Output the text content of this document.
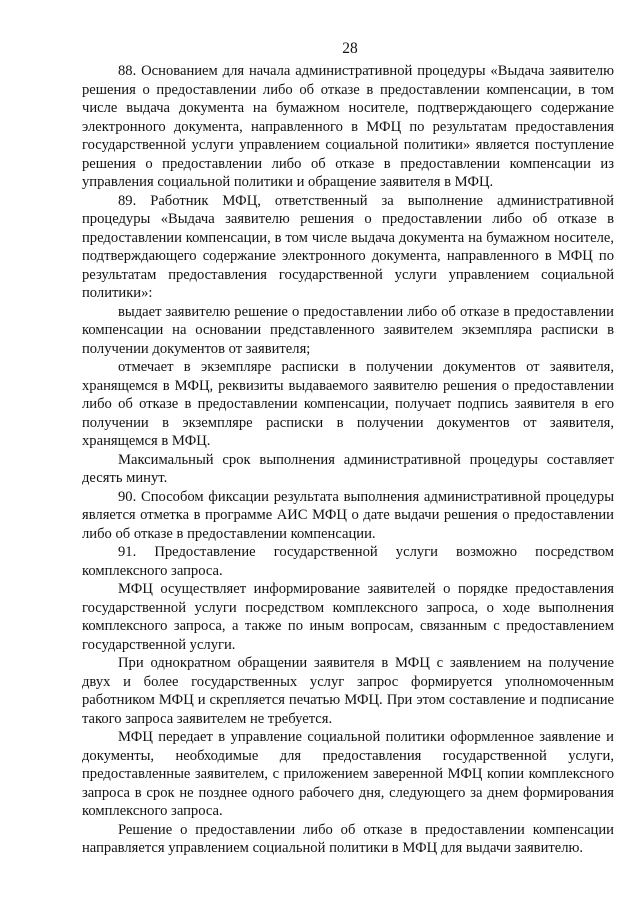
28

88. Основанием для начала административной процедуры «Выдача заявителю решения о предоставлении либо об отказе в предоставлении компенсации, в том числе выдача документа на бумажном носителе, подтверждающего содержание электронного документа, направленного в МФЦ по результатам предоставления государственной услуги управлением социальной политики» является поступление решения о предоставлении либо об отказе в предоставлении компенсации из управления социальной политики и обращение заявителя в МФЦ.

89. Работник МФЦ, ответственный за выполнение административной процедуры «Выдача заявителю решения о предоставлении либо об отказе в предоставлении компенсации, в том числе выдача документа на бумажном носителе, подтверждающего содержание электронного документа, направленного в МФЦ по результатам предоставления государственной услуги управлением социальной политики»:

выдает заявителю решение о предоставлении либо об отказе в предоставлении компенсации на основании представленного заявителем экземпляра расписки в получении документов от заявителя;

отмечает в экземпляре расписки в получении документов от заявителя, хранящемся в МФЦ, реквизиты выдаваемого заявителю решения о предоставлении либо об отказе в предоставлении компенсации, получает подпись заявителя в его получении в экземпляре расписки в получении документов от заявителя, хранящемся в МФЦ.

Максимальный срок выполнения административной процедуры составляет десять минут.

90. Способом фиксации результата выполнения административной процедуры является отметка в программе АИС МФЦ о дате выдачи решения о предоставлении либо об отказе в предоставлении компенсации.

91. Предоставление государственной услуги возможно посредством комплексного запроса.

МФЦ осуществляет информирование заявителей о порядке предоставления государственной услуги посредством комплексного запроса, о ходе выполнения комплексного запроса, а также по иным вопросам, связанным с предоставлением государственной услуги.

При однократном обращении заявителя в МФЦ с заявлением на получение двух и более государственных услуг запрос формируется уполномоченным работником МФЦ и скрепляется печатью МФЦ. При этом составление и подписание такого запроса заявителем не требуется.

МФЦ передает в управление социальной политики оформленное заявление и документы, необходимые для предоставления государственной услуги, предоставленные заявителем, с приложением заверенной МФЦ копии комплексного запроса в срок не позднее одного рабочего дня, следующего за днем формирования комплексного запроса.

Решение о предоставлении либо об отказе в предоставлении компенсации направляется управлением социальной политики в МФЦ для выдачи заявителю.
